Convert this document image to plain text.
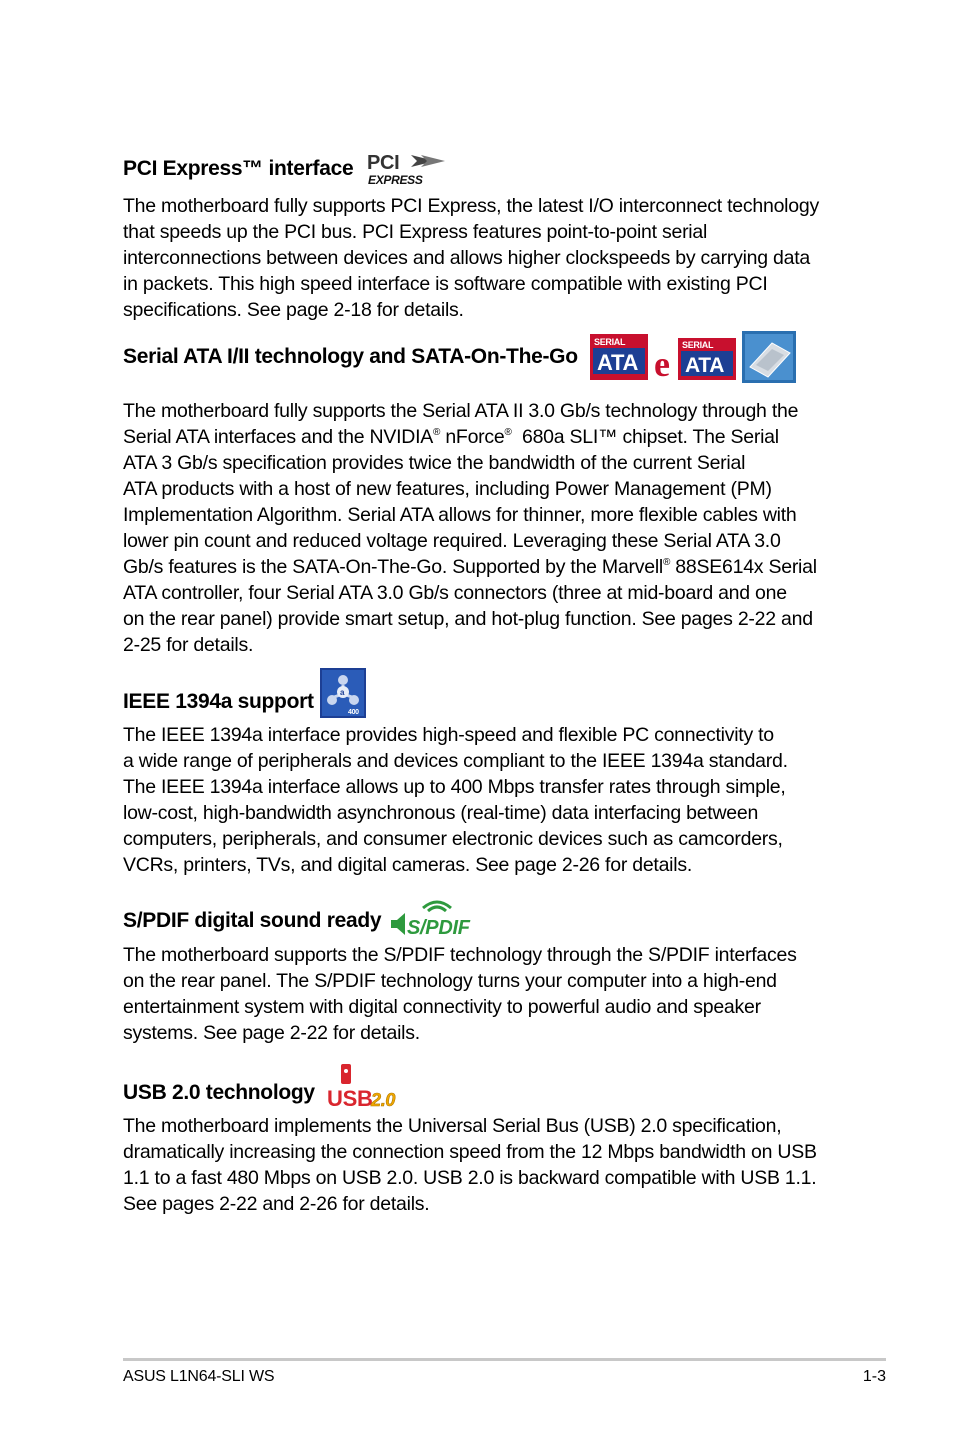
PCI Express™ interface PCI
EXPRESS

The motherboard fully supports PCI Express, the latest I/O interconnect technology

that speeds up the PCI bus. PCI Express features point-to-point serial

interconnections between devices and allows higher clockspeeds by carrying data

in packets. This high speed interface is software compatible with existing PCI

specifications. See page 2-18 for details.

Serial ATA I/II technology and SATA-On-The-Go
SERIAL
ATA e SERIAL
ATA

The motherboard fully supports the Serial ATA II 3.0 Gb/s technology through the

Serial ATA interfaces and the NVIDIA® nForce®  680a SLI™ chipset. The Serial

ATA 3 Gb/s specification provides twice the bandwidth of the current Serial

ATA products with a host of new features, including Power Management (PM)

Implementation Algorithm. Serial ATA allows for thinner, more flexible cables with

lower pin count and reduced voltage required. Leveraging these Serial ATA 3.0

Gb/s features is the SATA-On-The-Go. Supported by the Marvell® 88SE614x Serial

ATA controller, four Serial ATA 3.0 Gb/s connectors (three at mid-board and one

on the rear panel) provide smart setup, and hot-plug function. See pages 2-22 and

2-25 for details.

IEEE 1394a support	a
400

The IEEE 1394a interface provides high-speed and flexible PC connectivity to

a wide range of peripherals and devices compliant to the IEEE 1394a standard.

The IEEE 1394a interface allows up to 400 Mbps transfer rates through simple,

low-cost, high-bandwidth asynchronous (real-time) data interfacing between

computers, peripherals, and consumer electronic devices such as camcorders,

VCRs, printers, TVs, and digital cameras. See page 2-26 for details.

S/PDIF digital sound ready S/PDIF

The motherboard supports the S/PDIF technology through the S/PDIF interfaces

on the rear panel. The S/PDIF technology turns your computer into a high-end

entertainment system with digital connectivity to powerful audio and speaker

systems. See page 2-22 for details.

USB 2.0 technology USB
2.0

The motherboard implements the Universal Serial Bus (USB) 2.0 specification,

dramatically increasing the connection speed from the 12 Mbps bandwidth on USB

1.1 to a fast 480 Mbps on USB 2.0. USB 2.0 is backward compatible with USB 1.1.

See pages 2-22 and 2-26 for details.

ASUS L1N64-SLI WS	1-3
